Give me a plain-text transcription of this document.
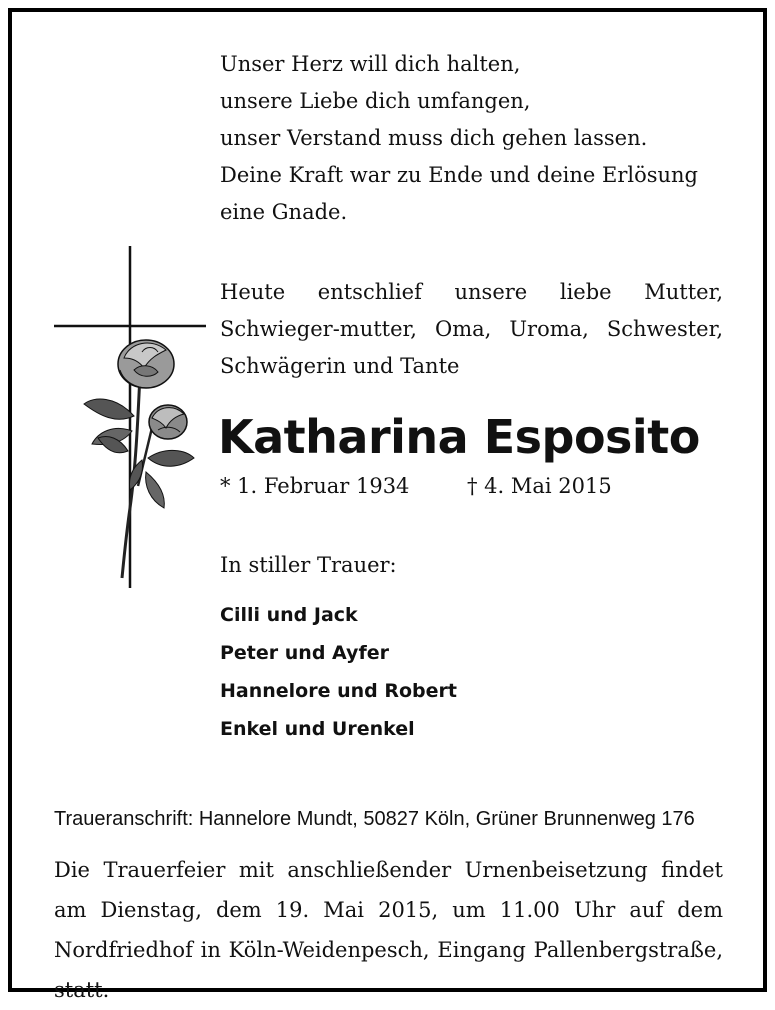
Unser Herz will dich halten,
unsere Liebe dich umfangen,
unser Verstand muss dich gehen lassen.
Deine Kraft war zu Ende und deine Erlösung
eine Gnade.
Heute entschlief unsere liebe Mutter, Schwieger-mutter, Oma, Uroma, Schwester, Schwägerin und Tante
Katharina Esposito
* 1. Februar 1934	† 4. Mai 2015
In stiller Trauer:
Cilli und Jack
Peter und Ayfer
Hannelore und Robert
Enkel und Urenkel
Traueranschrift: Hannelore Mundt, 50827 Köln, Grüner Brunnenweg 176
Die Trauerfeier mit anschließender Urnenbeisetzung findet am Dienstag, dem 19. Mai 2015, um 11.00 Uhr auf dem Nordfriedhof in Köln-Weidenpesch, Eingang Pallenbergstraße, statt.
